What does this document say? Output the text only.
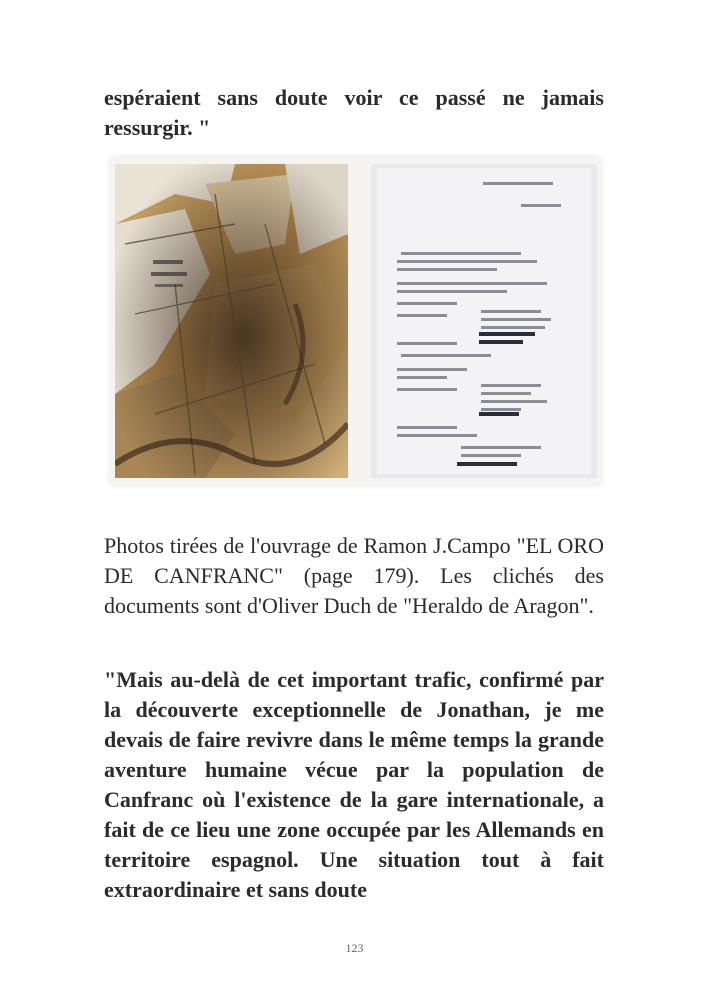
espéraient sans doute voir ce passé ne jamais ressurgir. "

Photos tirées de l'ouvrage de Ramon J.Campo "EL ORO DE CANFRANC" (page 179). Les clichés des documents sont d'Oliver Duch de "Heraldo de Aragon".

"Mais au-delà de cet important trafic, confirmé par la découverte exceptionnelle de Jonathan, je me devais de faire revivre dans le même temps la grande aventure humaine vécue par la population de Canfranc où l'existence de la gare internationale, a fait de ce lieu une zone occupée par les Allemands en territoire espagnol. Une situation tout à fait extraordinaire et sans doute

123
